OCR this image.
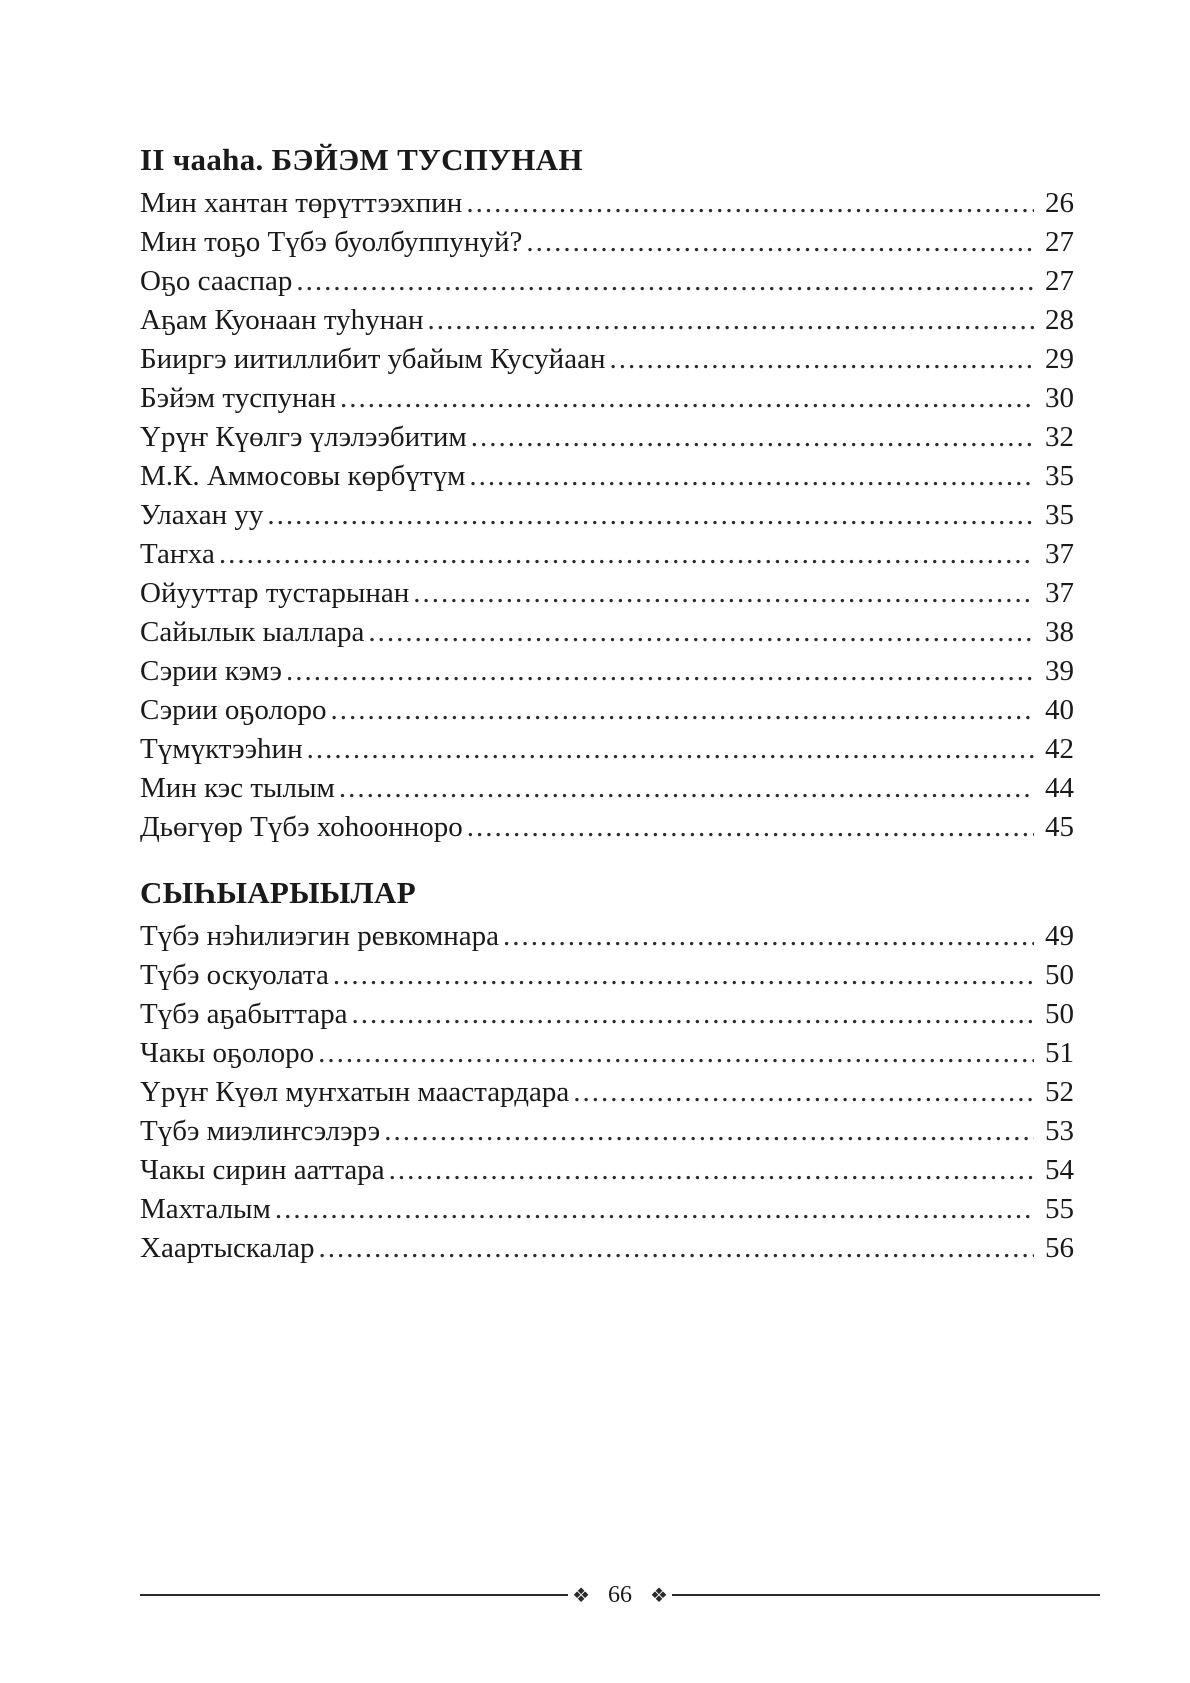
II чааһа. БЭЙЭМ ТУСПУНАН
Мин хантан төрүттээхпин .....	26
Мин тоҕо Түбэ буолбуппунуй? .....	27
Оҕо сааспар .....	27
Аҕам Куонаан туһунан .....	28
Бииргэ иитиллибит убайым Кусуйаан .....	29
Бэйэм туспунан .....	30
Үрүҥ Күөлгэ үлэлээбитим .....	32
М.К. Аммосовы көрбүтүм .....	35
Улахан уу .....	35
Таҥха .....	37
Ойууттар тустарынан .....	37
Сайылык ыаллара .....	38
Сэрии кэмэ .....	39
Сэрии оҕолоро .....	40
Түмүктээһин .....	42
Мин кэс тылым .....	44
Дьөгүөр Түбэ хоһооннoро .....	45
СЫҺЫАРЫЫЛАР
Түбэ нэһилиэгин ревкомнара .....	49
Түбэ оскуолата .....	50
Түбэ аҕабыттара .....	50
Чакы оҕолоро .....	51
Үрүҥ Күөл муҥхатын маастардара .....	52
Түбэ миэлиҥсэлэрэ .....	53
Чакы сирин ааттара .....	54
Махталым .....	55
Хаартыскалар .....	56
❖ 66 ❖
